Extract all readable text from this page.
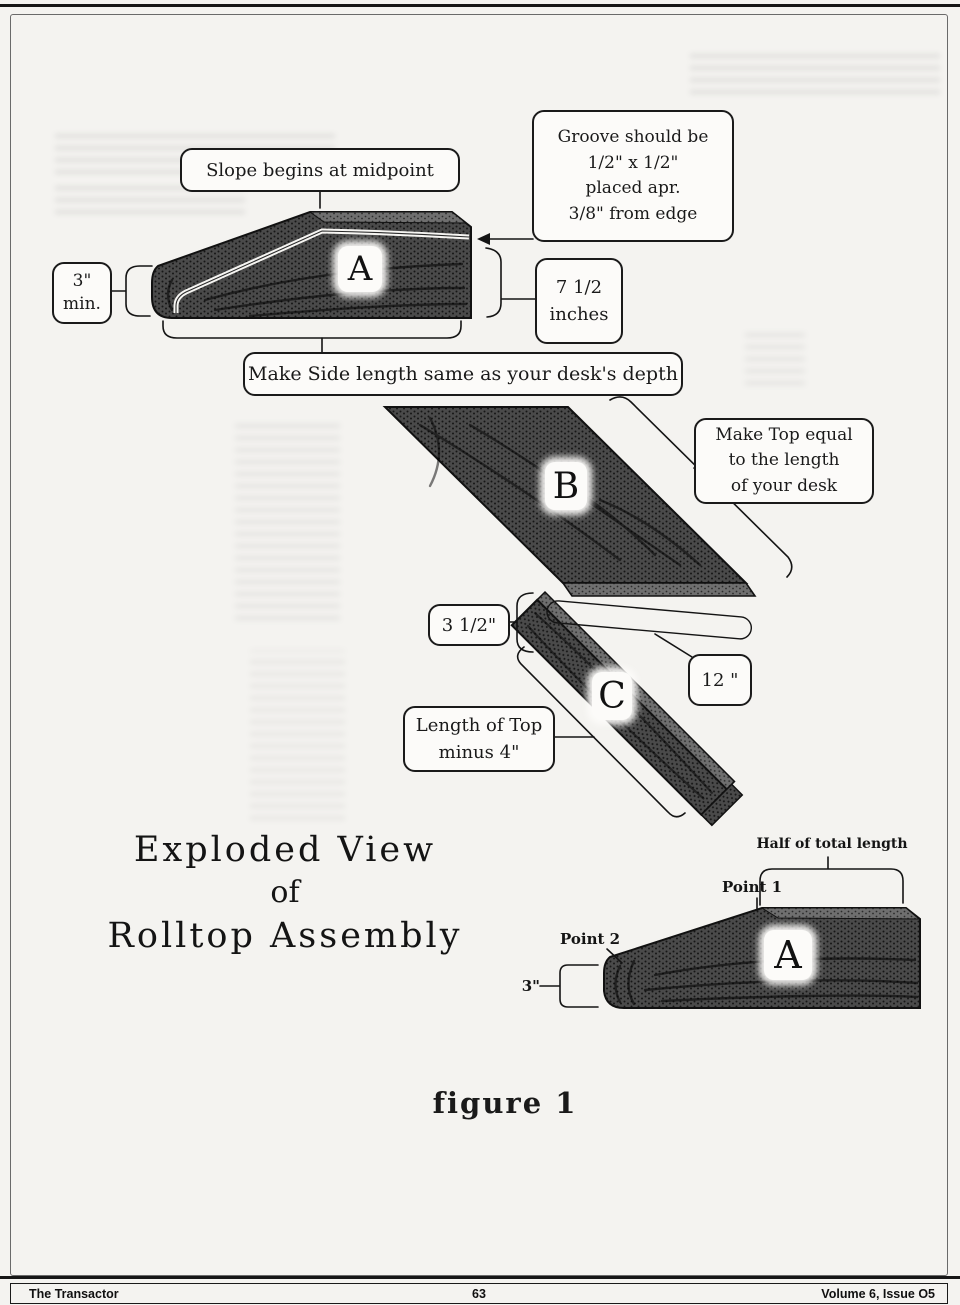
Slope begins at midpoint
Groove should be
1/2" x 1/2"
placed apr.
3/8" from edge
3"
min.
7 1/2
inches
Make Side length same as your desk's depth
Make Top equal
to the length
of your desk
3 1/2"
12 "
Length of Top
minus 4"
A
B
C
A
Half of total length
Point 1
Point 2
3"
Exploded View
of
Rolltop Assembly
figure 1
63
The Transactor	Volume 6, Issue O5
